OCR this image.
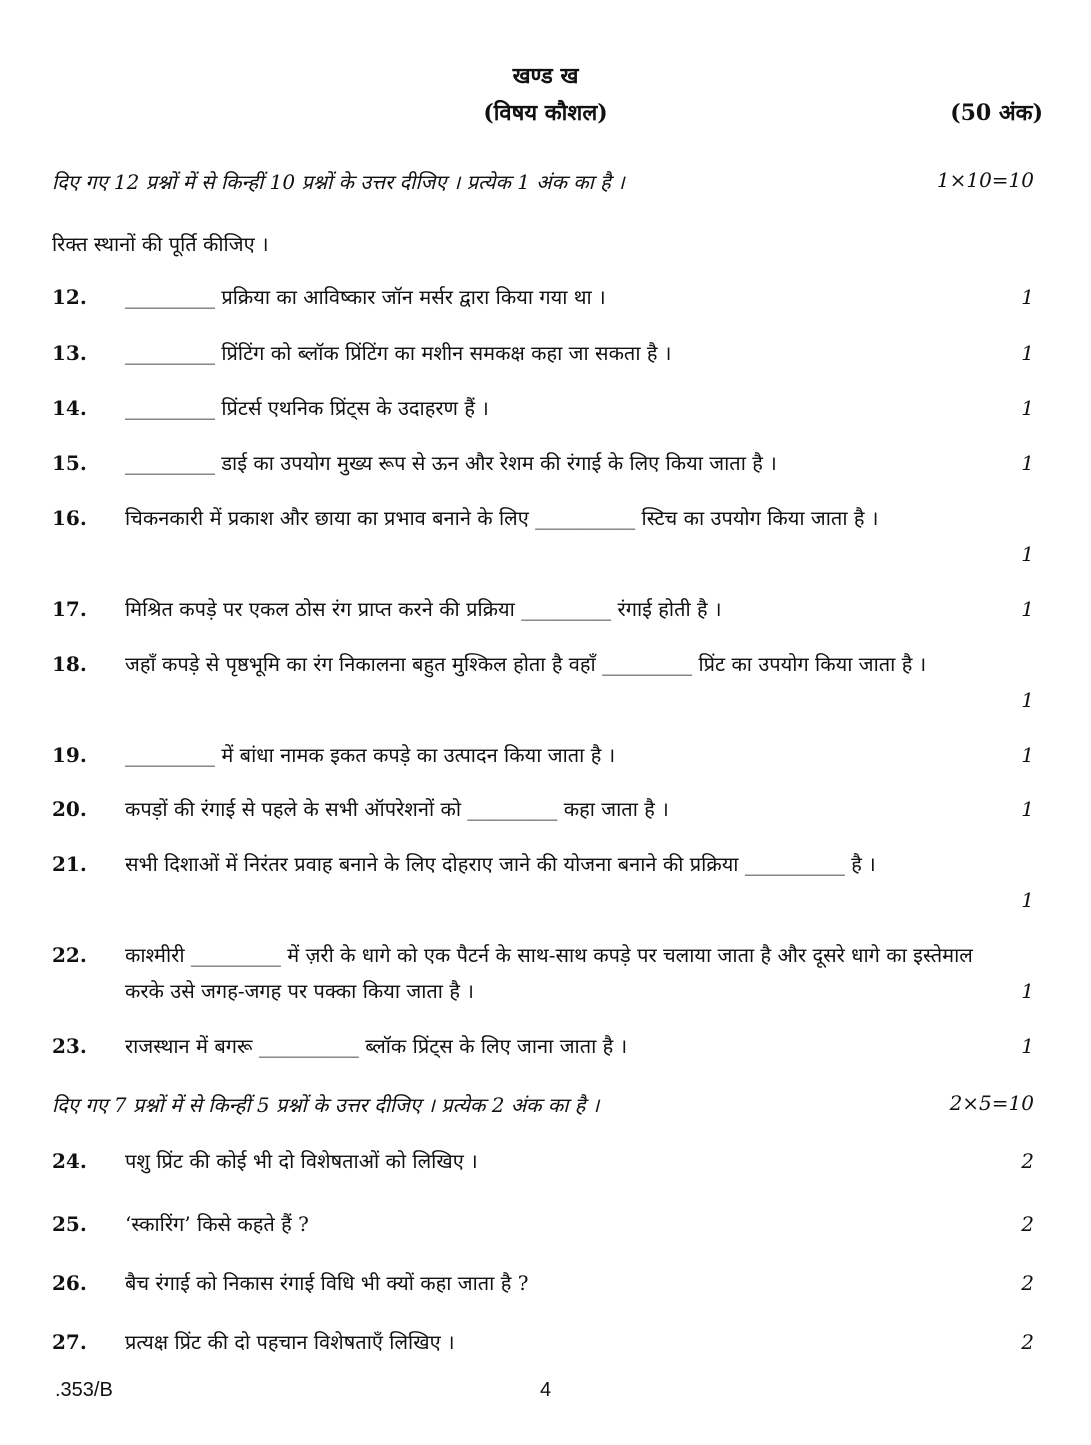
खण्ड ख
(विषय कौशल)	(50 अंक)
दिए गए 12 प्रश्नों में से किन्हीं 10 प्रश्नों के उत्तर दीजिए । प्रत्येक 1 अंक का है ।	1×10=10
रिक्त स्थानों की पूर्ति कीजिए ।
12. _________ प्रक्रिया का आविष्कार जॉन मर्सर द्वारा किया गया था ।	1
13. _________ प्रिंटिंग को ब्लॉक प्रिंटिंग का मशीन समकक्ष कहा जा सकता है ।	1
14. _________ प्रिंटर्स एथनिक प्रिंट्स के उदाहरण हैं ।	1
15. _________ डाई का उपयोग मुख्य रूप से ऊन और रेशम की रंगाई के लिए किया जाता है ।	1
16. चिकनकारी में प्रकाश और छाया का प्रभाव बनाने के लिए __________ स्टिच का उपयोग किया जाता है ।
1
17. मिश्रित कपड़े पर एकल ठोस रंग प्राप्त करने की प्रक्रिया _________ रंगाई होती है ।	1
18. जहाँ कपड़े से पृष्ठभूमि का रंग निकालना बहुत मुश्किल होता है वहाँ _________ प्रिंट का उपयोग किया जाता है ।
1
19. _________ में बांधा नामक इकत कपड़े का उत्पादन किया जाता है ।	1
20. कपड़ों की रंगाई से पहले के सभी ऑपरेशनों को _________ कहा जाता है ।	1
21. सभी दिशाओं में निरंतर प्रवाह बनाने के लिए दोहराए जाने की योजना बनाने की प्रक्रिया __________ है ।
1
22. काश्मीरी _________ में ज़री के धागे को एक पैटर्न के साथ-साथ कपड़े पर चलाया जाता है और दूसरे धागे का इस्तेमाल करके उसे जगह-जगह पर पक्का किया जाता है ।	1
23. राजस्थान में बगरू __________ ब्लॉक प्रिंट्स के लिए जाना जाता है ।	1
दिए गए 7 प्रश्नों में से किन्हीं 5 प्रश्नों के उत्तर दीजिए । प्रत्येक 2 अंक का है ।	2×5=10
24. पशु प्रिंट की कोई भी दो विशेषताओं को लिखिए ।	2
25. ‘स्कारिंग’ किसे कहते हैं ?	2
26. बैच रंगाई को निकास रंगाई विधि भी क्यों कहा जाता है ?	2
27. प्रत्यक्ष प्रिंट की दो पहचान विशेषताएँ लिखिए ।	2
.353/B	4
